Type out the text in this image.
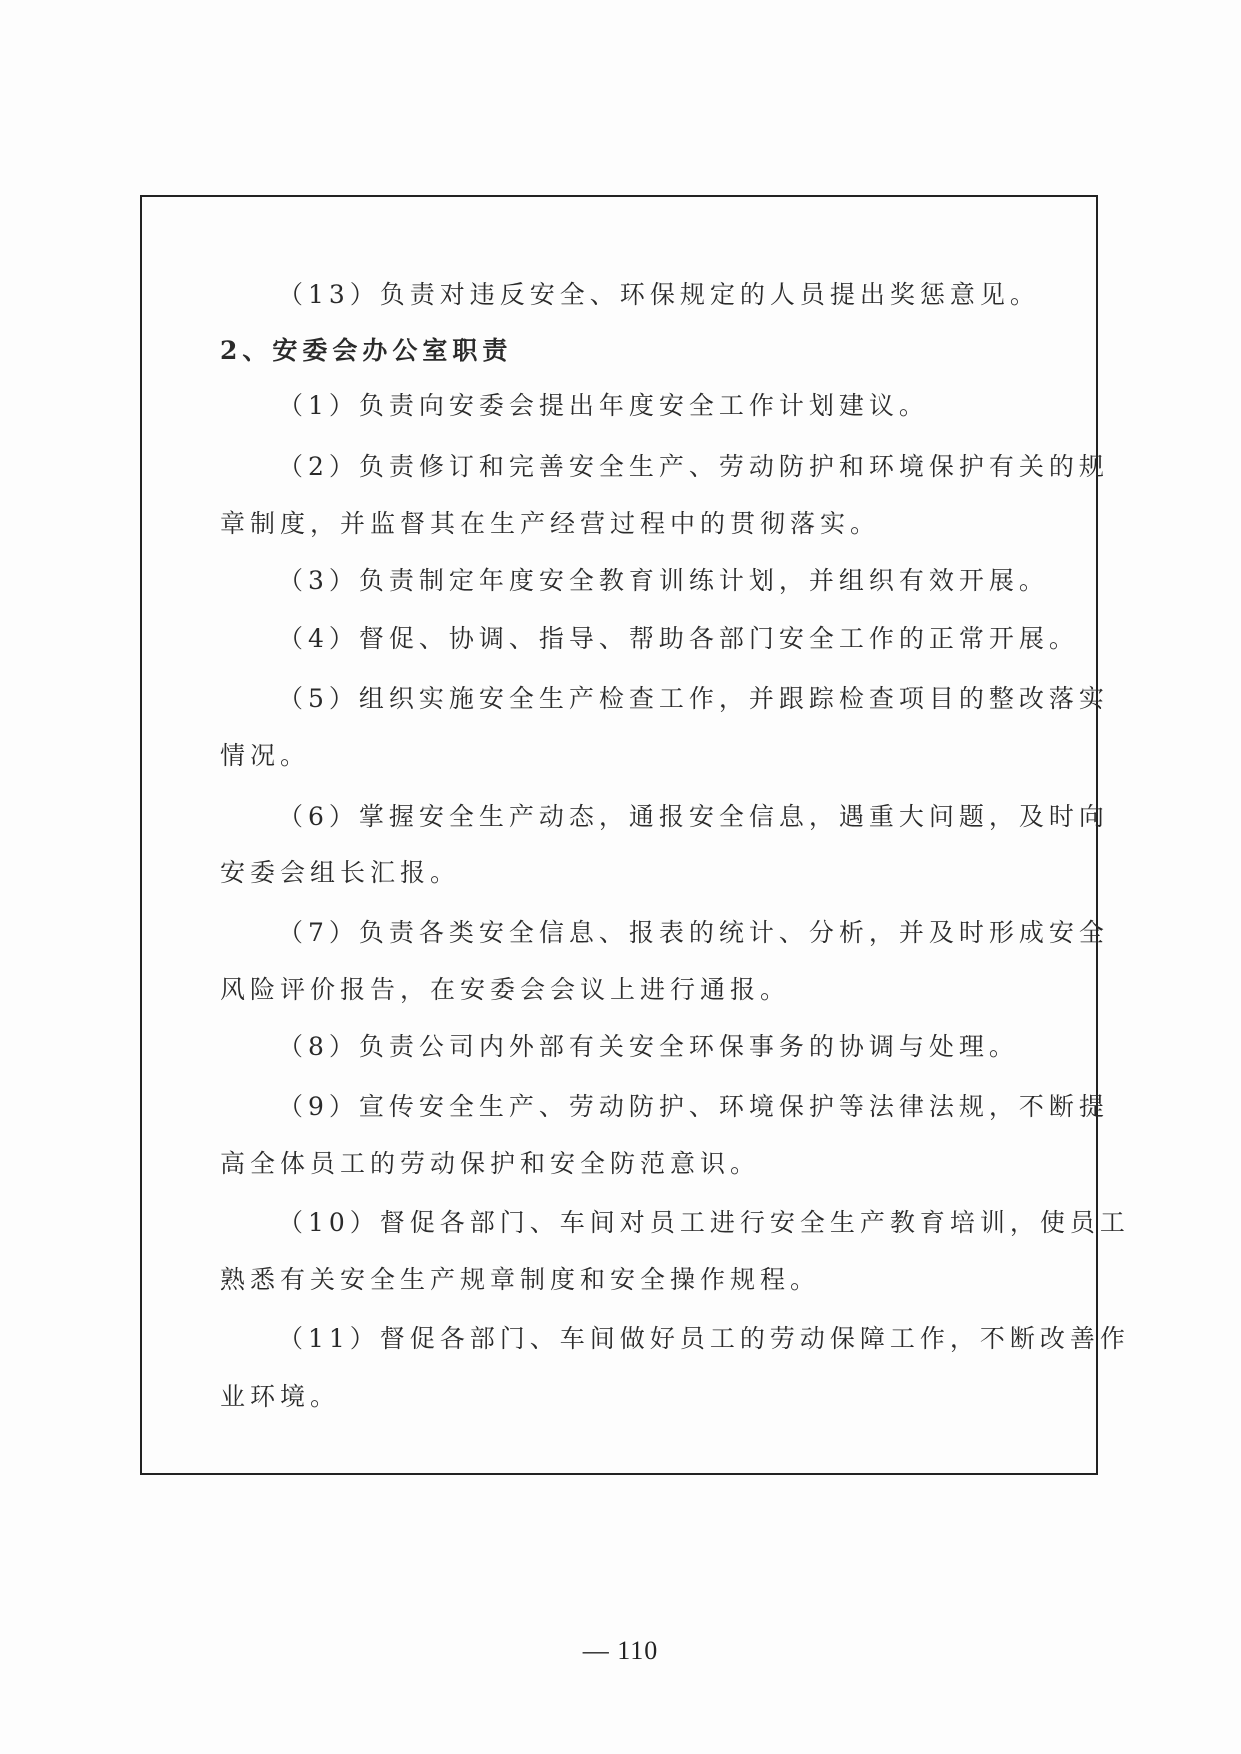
（13）负责对违反安全、环保规定的人员提出奖惩意见。
2、安委会办公室职责
（1）负责向安委会提出年度安全工作计划建议。
（2）负责修订和完善安全生产、劳动防护和环境保护有关的规
章制度，并监督其在生产经营过程中的贯彻落实。
（3）负责制定年度安全教育训练计划，并组织有效开展。
（4）督促、协调、指导、帮助各部门安全工作的正常开展。
（5）组织实施安全生产检查工作，并跟踪检查项目的整改落实
情况。
（6）掌握安全生产动态，通报安全信息，遇重大问题，及时向
安委会组长汇报。
（7）负责各类安全信息、报表的统计、分析，并及时形成安全
风险评价报告，在安委会会议上进行通报。
（8）负责公司内外部有关安全环保事务的协调与处理。
（9）宣传安全生产、劳动防护、环境保护等法律法规，不断提
高全体员工的劳动保护和安全防范意识。
（10）督促各部门、车间对员工进行安全生产教育培训，使员工
熟悉有关安全生产规章制度和安全操作规程。
（11）督促各部门、车间做好员工的劳动保障工作，不断改善作
业环境。
— 110
